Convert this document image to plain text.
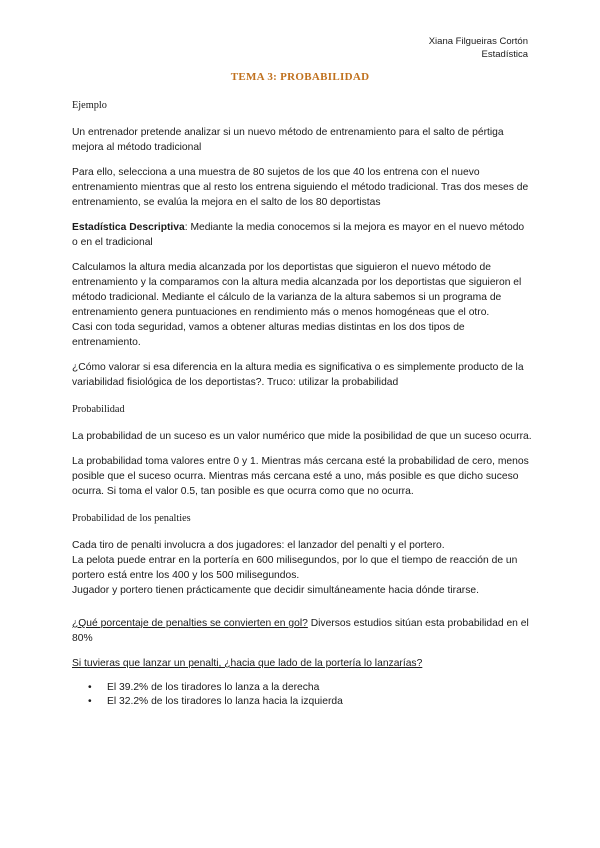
Xiana Filgueiras Cortón
Estadística
TEMA 3: PROBABILIDAD

Ejemplo

Un entrenador pretende analizar si un nuevo método de entrenamiento para el salto de pértiga mejora al método tradicional

Para ello, selecciona a una muestra de 80 sujetos de los que 40 los entrena con el nuevo entrenamiento mientras que al resto los entrena siguiendo el método tradicional. Tras dos meses de entrenamiento, se evalúa la mejora en el salto de los 80 deportistas

Estadística Descriptiva: Mediante la media conocemos si la mejora es mayor en el nuevo método o en el tradicional

Calculamos la altura media alcanzada por los deportistas que siguieron el nuevo método de entrenamiento y la comparamos con la altura media alcanzada por los deportistas que siguieron el método tradicional. Mediante el cálculo de la varianza de la altura sabemos si un programa de entrenamiento genera puntuaciones en rendimiento más o menos homogéneas que el otro.

Casi con toda seguridad, vamos a obtener alturas medias distintas en los dos tipos de entrenamiento.

¿Cómo valorar si esa diferencia en la altura media es significativa o es simplemente producto de la variabilidad fisiológica de los deportistas?. Truco: utilizar la probabilidad

Probabilidad

La probabilidad de un suceso es un valor numérico que mide la posibilidad de que un suceso ocurra.

La probabilidad toma valores entre 0 y 1. Mientras más cercana esté la probabilidad de cero, menos posible que el suceso ocurra. Mientras más cercana esté a uno, más posible es que dicho suceso ocurra. Si toma el valor 0.5, tan posible es que ocurra como que no ocurra.

Probabilidad de los penalties

Cada tiro de penalti involucra a dos jugadores: el lanzador del penalti y el portero.

La pelota puede entrar en la portería en 600 milisegundos, por lo que el tiempo de reacción de un portero está entre los 400 y los 500 milisegundos.

Jugador y portero tienen prácticamente que decidir simultáneamente hacia dónde tirarse.

¿Qué porcentaje de penalties se convierten en gol? Diversos estudios sitúan esta probabilidad en el 80%

Si tuvieras que lanzar un penalti, ¿hacia que lado de la portería lo lanzarías?

• El 39.2% de los tiradores lo lanza a la derecha
• El 32.2% de los tiradores lo lanza hacia la izquierda
